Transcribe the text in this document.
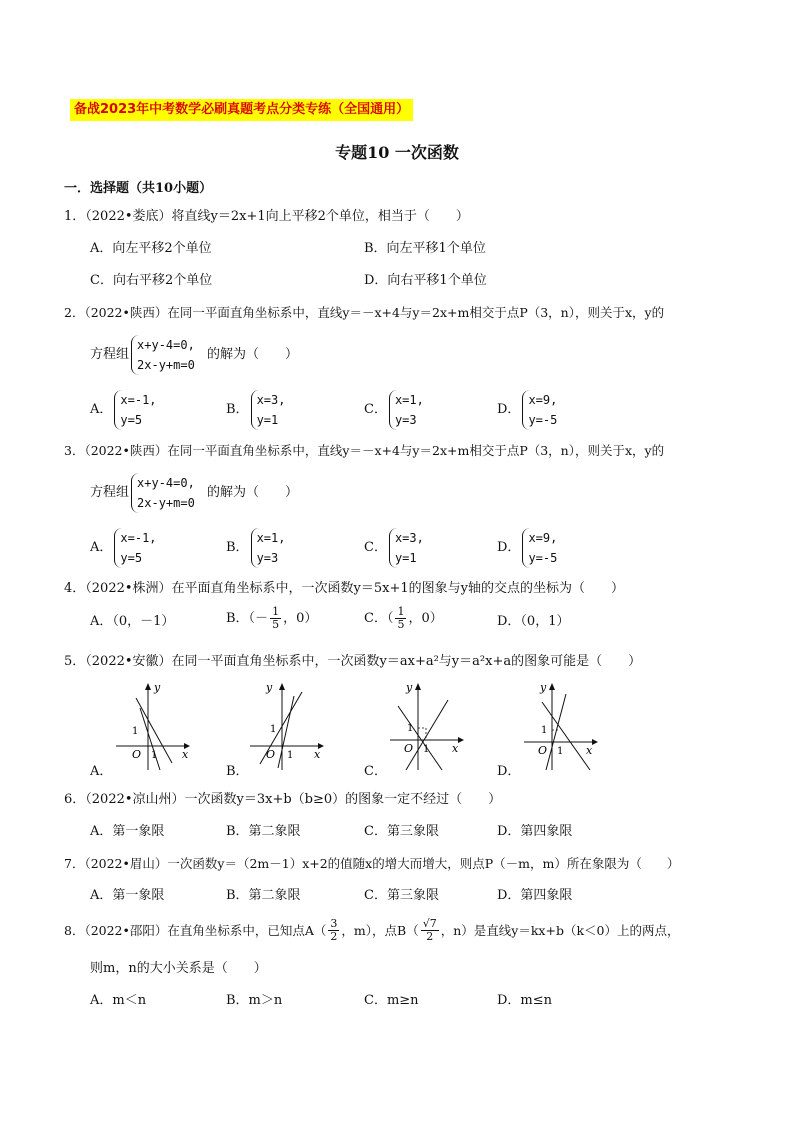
备战2023年中考数学必刷真题考点分类专练（全国通用）
专题10 一次函数
一．选择题（共10小题）
1．（2022•娄底）将直线y＝2x+1向上平移2个单位，相当于（　　）
A．向左平移2个单位	B．向左平移1个单位
C．向右平移2个单位	D．向右平移1个单位
2．（2022•陕西）在同一平面直角坐标系中，直线y＝－x+4与y＝2x+m相交于点P（3，n），则关于x，y的
方程组
x+y-4=0,
2x-y+m=0
的解为（　　）
A．
x=-1,
y=5
B．
x=3,
y=1
C．
x=1,
y=3
D．
x=9,
y=-5
3．（2022•陕西）在同一平面直角坐标系中，直线y＝－x+4与y＝2x+m相交于点P（3，n），则关于x，y的
方程组
x+y-4=0,
2x-y+m=0
的解为（　　）
A．
x=-1,
y=5
B．
x=1,
y=3
C．
x=3,
y=1
D．
x=9,
y=-5
4．（2022•株洲）在平面直角坐标系中，一次函数y＝5x+1的图象与y轴的交点的坐标为（　　）
A．（0，－1）	B．（－ $\frac{1}{5}$ ，0）	C．（ $\frac{1}{5}$ ，0）	D．（0，1）
5．（2022•安徽）在同一平面直角坐标系中，一次函数y＝ax+a²与y＝a²x+a的图象可能是（　　）
y
x
O
1
1
A．
y
x
O
1
1
B．
y
x
O
1
1
C．
y
x
O
1
1
D．
6．（2022•凉山州）一次函数y＝3x+b（b≥0）的图象一定不经过（　　）
A．第一象限	B．第二象限	C．第三象限	D．第四象限
7．（2022•眉山）一次函数y＝（2m－1）x+2的值随x的增大而增大，则点P（－m，m）所在象限为（　　）
A．第一象限	B．第二象限	C．第三象限	D．第四象限
8．（2022•邵阳）在直角坐标系中，已知点$A( \frac{3}{2}$ ，m），点$B( \frac{√7}{2}$ ，n）是直线y＝kx+b（k＜0）上的两点，
则m，n的大小关系是（　　）
A．m＜n	B．m＞n	C．m≥n	D．m≤n
